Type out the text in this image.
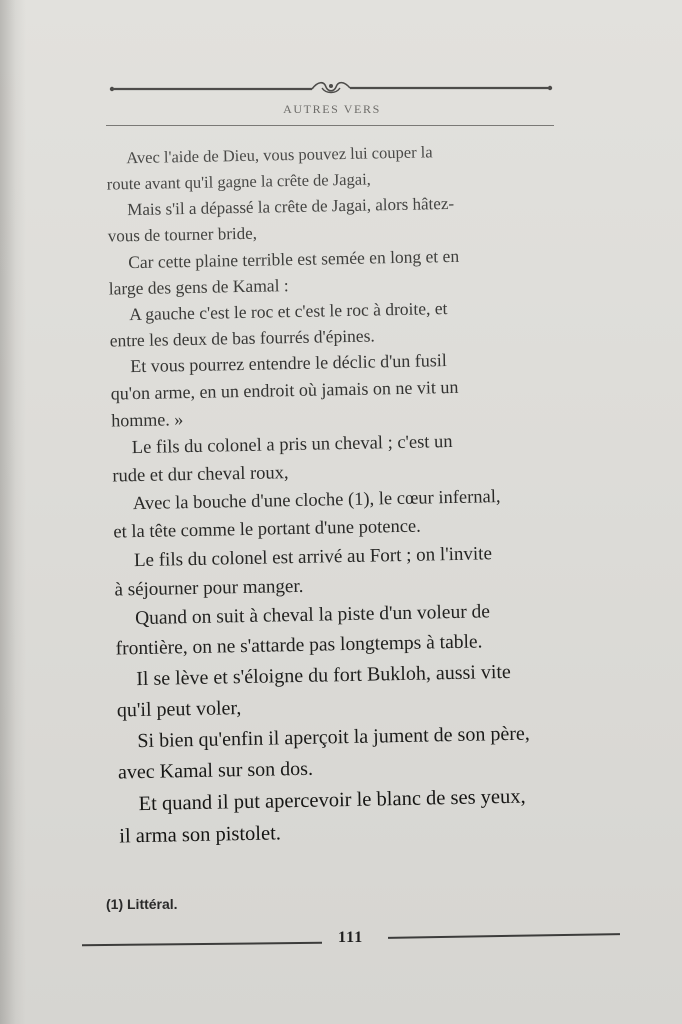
AUTRES VERS

Avec l'aide de Dieu, vous pouvez lui couper la

route avant qu'il gagne la crête de Jagai,

Mais s'il a dépassé la crête de Jagai, alors hâtez-

vous de tourner bride,

Car cette plaine terrible est semée en long et en

large des gens de Kamal :

A gauche c'est le roc et c'est le roc à droite, et

entre les deux de bas fourrés d'épines.

Et vous pourrez entendre le déclic d'un fusil

qu'on arme, en un endroit où jamais on ne vit un

homme. »

Le fils du colonel a pris un cheval ; c'est un

rude et dur cheval roux,

Avec la bouche d'une cloche (1), le cœur infernal,

et la tête comme le portant d'une potence.

Le fils du colonel est arrivé au Fort ; on l'invite

à séjourner pour manger.

Quand on suit à cheval la piste d'un voleur de

frontière, on ne s'attarde pas longtemps à table.

Il se lève et s'éloigne du fort Bukloh, aussi vite

qu'il peut voler,

Si bien qu'enfin il aperçoit la jument de son père,

avec Kamal sur son dos.

Et quand il put apercevoir le blanc de ses yeux,

il arma son pistolet.

(1) Littéral.
111
